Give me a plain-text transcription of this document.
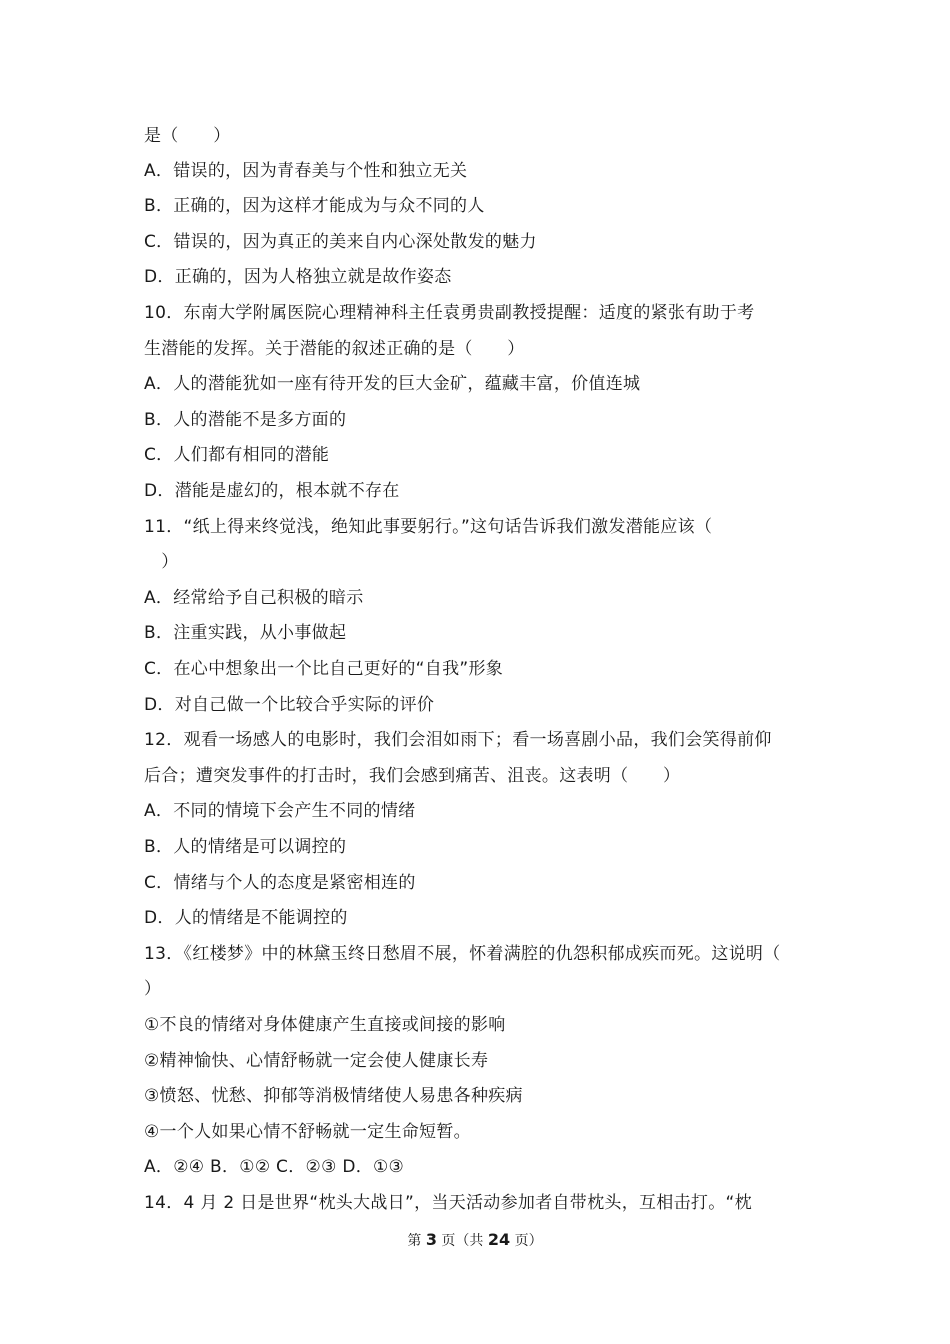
是（　　）
A．错误的，因为青春美与个性和独立无关
B．正确的，因为这样才能成为与众不同的人
C．错误的，因为真正的美来自内心深处散发的魅力
D．正确的，因为人格独立就是故作姿态
10．东南大学附属医院心理精神科主任袁勇贵副教授提醒：适度的紧张有助于考
生潜能的发挥。关于潜能的叙述正确的是（　　）
A．人的潜能犹如一座有待开发的巨大金矿，蕴藏丰富，价值连城
B．人的潜能不是多方面的
C．人们都有相同的潜能
D．潜能是虚幻的，根本就不存在
11．“纸上得来终觉浅，绝知此事要躬行。”这句话告诉我们激发潜能应该（
　）
A．经常给予自己积极的暗示
B．注重实践，从小事做起
C．在心中想象出一个比自己更好的“自我”形象
D．对自己做一个比较合乎实际的评价
12．观看一场感人的电影时，我们会泪如雨下；看一场喜剧小品，我们会笑得前仰
后合；遭突发事件的打击时，我们会感到痛苦、沮丧。这表明（　　）
A．不同的情境下会产生不同的情绪
B．人的情绪是可以调控的
C．情绪与个人的态度是紧密相连的
D．人的情绪是不能调控的
13．《红楼梦》中的林黛玉终日愁眉不展，怀着满腔的仇怨积郁成疾而死。这说明（
）
①不良的情绪对身体健康产生直接或间接的影响
②精神愉快、心情舒畅就一定会使人健康长寿
③愤怒、忧愁、抑郁等消极情绪使人易患各种疾病
④一个人如果心情不舒畅就一定生命短暂。
A．②④ B．①② C．②③ D．①③
14．4 月 2 日是世界“枕头大战日”，当天活动参加者自带枕头，互相击打。“枕
第 3 页（共 24 页）
